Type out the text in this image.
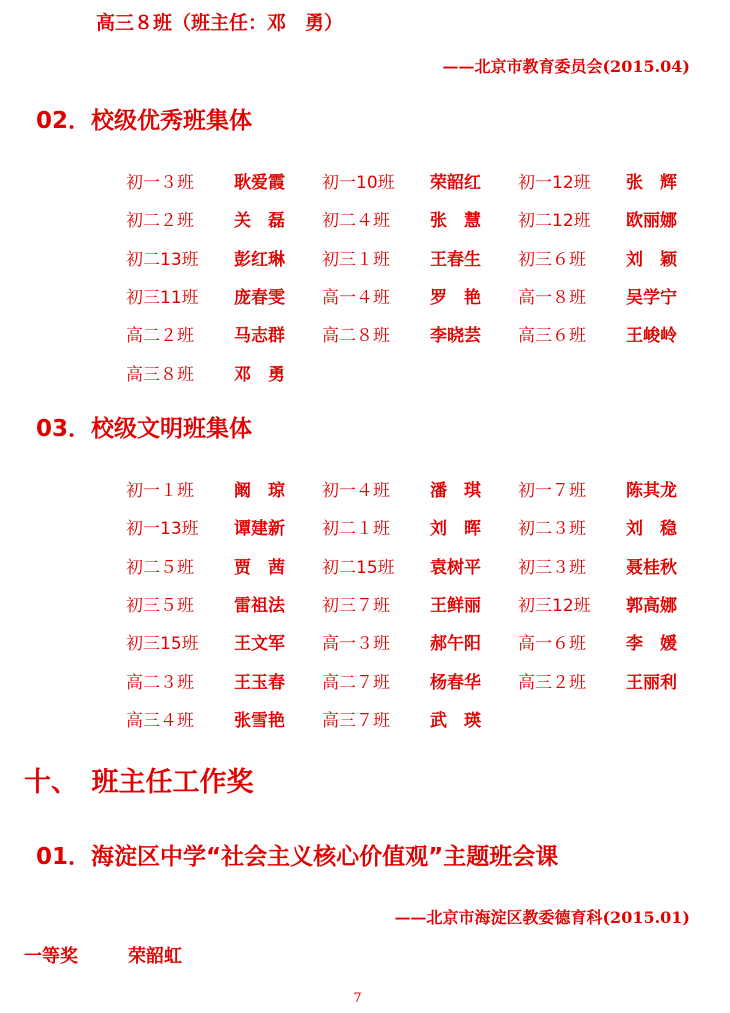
高三８班（班主任：邓　勇）
——北京市教育委员会(2015.04)
02．校级优秀班集体
初一３班 耿爱霞 初一10班 荣韶红 初一12班 张　辉
初二２班 关　磊 初二４班 张　慧 初二12班 欧丽娜
初二13班 彭红琳 初三１班 王春生 初三６班 刘　颖
初三11班 庞春雯 高一４班 罗　艳 高一８班 吴学宁
高二２班 马志群 高二８班 李晓芸 高三６班 王峻岭
高三８班 邓　勇
03．校级文明班集体
初一１班 阚　琼 初一４班 潘　琪 初一７班 陈其龙
初一13班 谭建新 初二１班 刘　晖 初二３班 刘　稳
初二５班 贾　茜 初二15班 袁树平 初三３班 聂桂秋
初三５班 雷祖法 初三７班 王鲜丽 初三12班 郭高娜
初三15班 王文军 高一３班 郝午阳 高一６班 李　媛
高二３班 王玉春 高二７班 杨春华 高三２班 王丽利
高三４班 张雪艳 高三７班 武　瑛
十、　班主任工作奖
01．海淀区中学“社会主义核心价值观”主题班会课
——北京市海淀区教委德育科(2015.01)
一等奖	荣韶虹
7
